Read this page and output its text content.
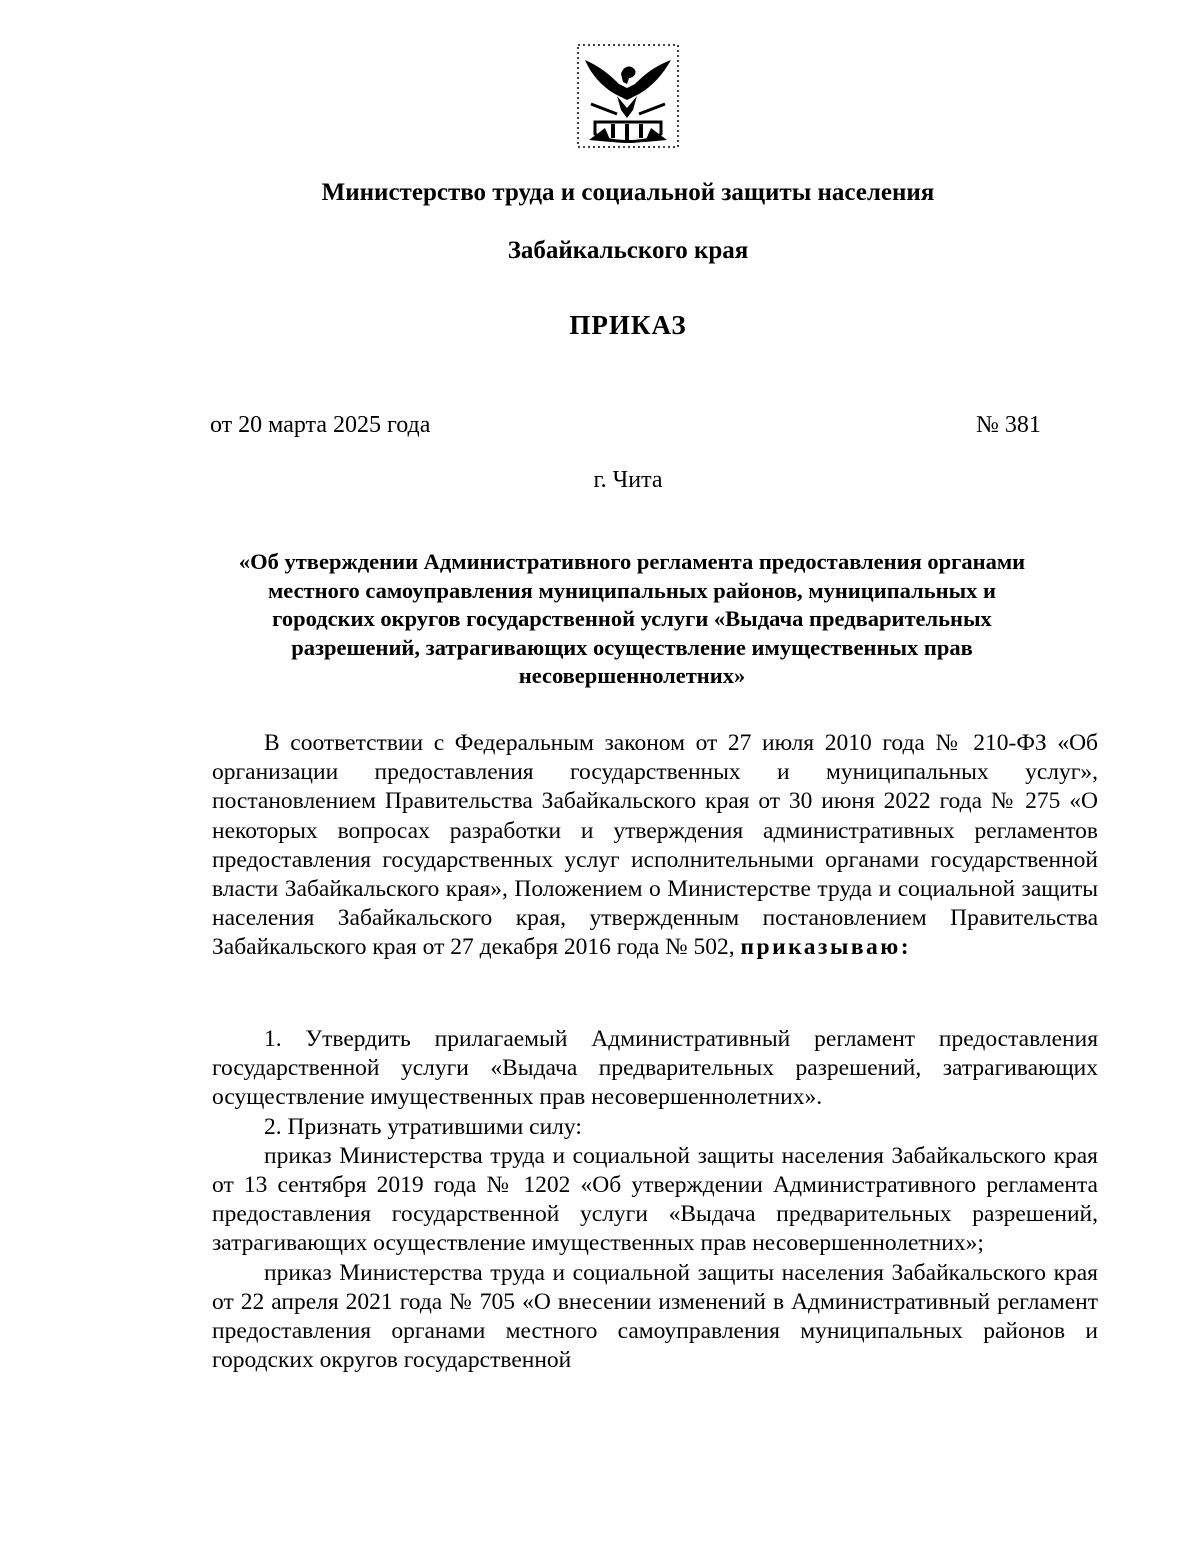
Министерство труда и социальной защиты населения
Забайкальского края
ПРИКАЗ
от 20 марта 2025 года	№ 381
г. Чита
«Об утверждении Административного регламента предоставления органами местного самоуправления муниципальных районов, муниципальных и городских округов государственной услуги «Выдача предварительных разрешений, затрагивающих осуществление имущественных прав несовершеннолетних»

В соответствии с Федеральным законом от 27 июля 2010 года № 210-ФЗ «Об организации предоставления государственных и муниципальных услуг», постановлением Правительства Забайкальского края от 30 июня 2022 года № 275 «О некоторых вопросах разработки и утверждения административных регламентов предоставления государственных услуг исполнительными органами государственной власти Забайкальского края», Положением о Министерстве труда и социальной защиты населения Забайкальского края, утвержденным постановлением Правительства Забайкальского края от 27 декабря 2016 года № 502, приказываю:

1. Утвердить прилагаемый Административный регламент предоставления государственной услуги «Выдача предварительных разрешений, затрагивающих осуществление имущественных прав несовершеннолетних».

2. Признать утратившими силу:

приказ Министерства труда и социальной защиты населения Забайкальского края от 13 сентября 2019 года № 1202 «Об утверждении Административного регламента предоставления государственной услуги «Выдача предварительных разрешений, затрагивающих осуществление имущественных прав несовершеннолетних»;

приказ Министерства труда и социальной защиты населения Забайкальского края от 22 апреля 2021 года № 705 «О внесении изменений в Административный регламент предоставления органами местного самоуправления муниципальных районов и городских округов государственной
